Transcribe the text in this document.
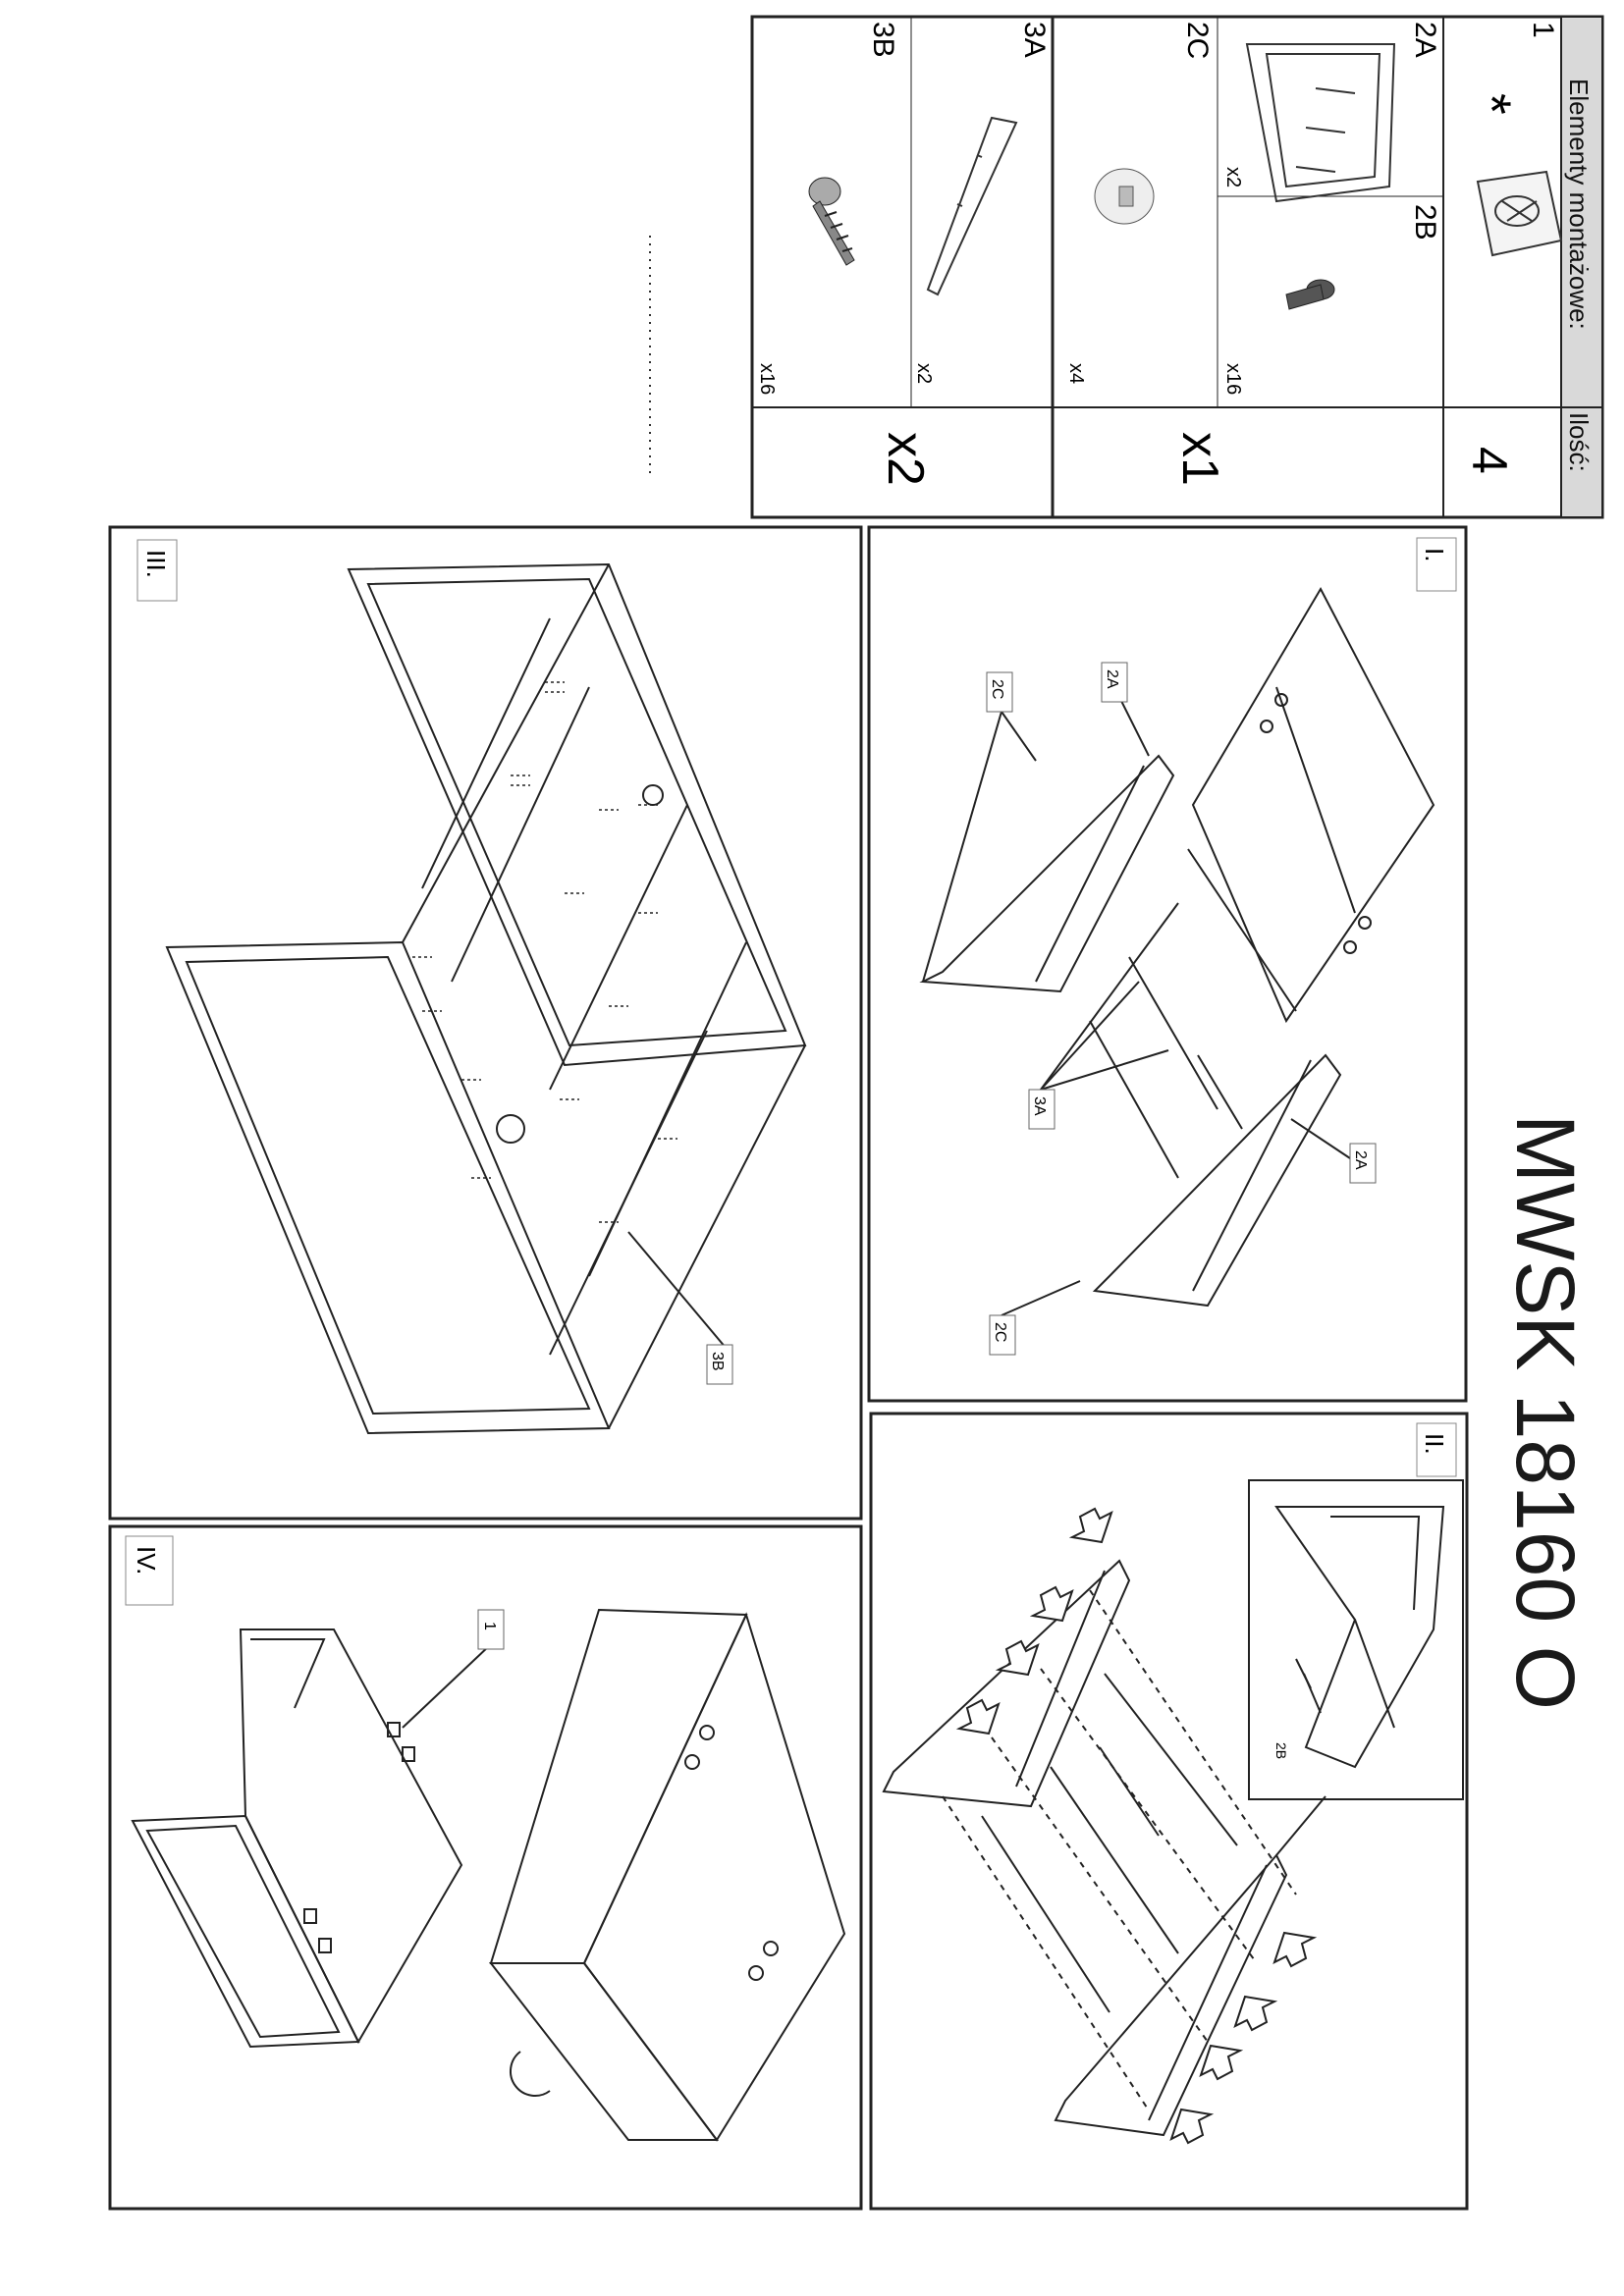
MWSK 18160 O
Elementy montażowe:
Ilość:
1
*
4
2A
x2
2B
x16
2C
x4
x1
3A
x2
3B
x16
x2
I.
II.
III.
IV.
2A
2C
3A
2A
2C
2B
3B
1
